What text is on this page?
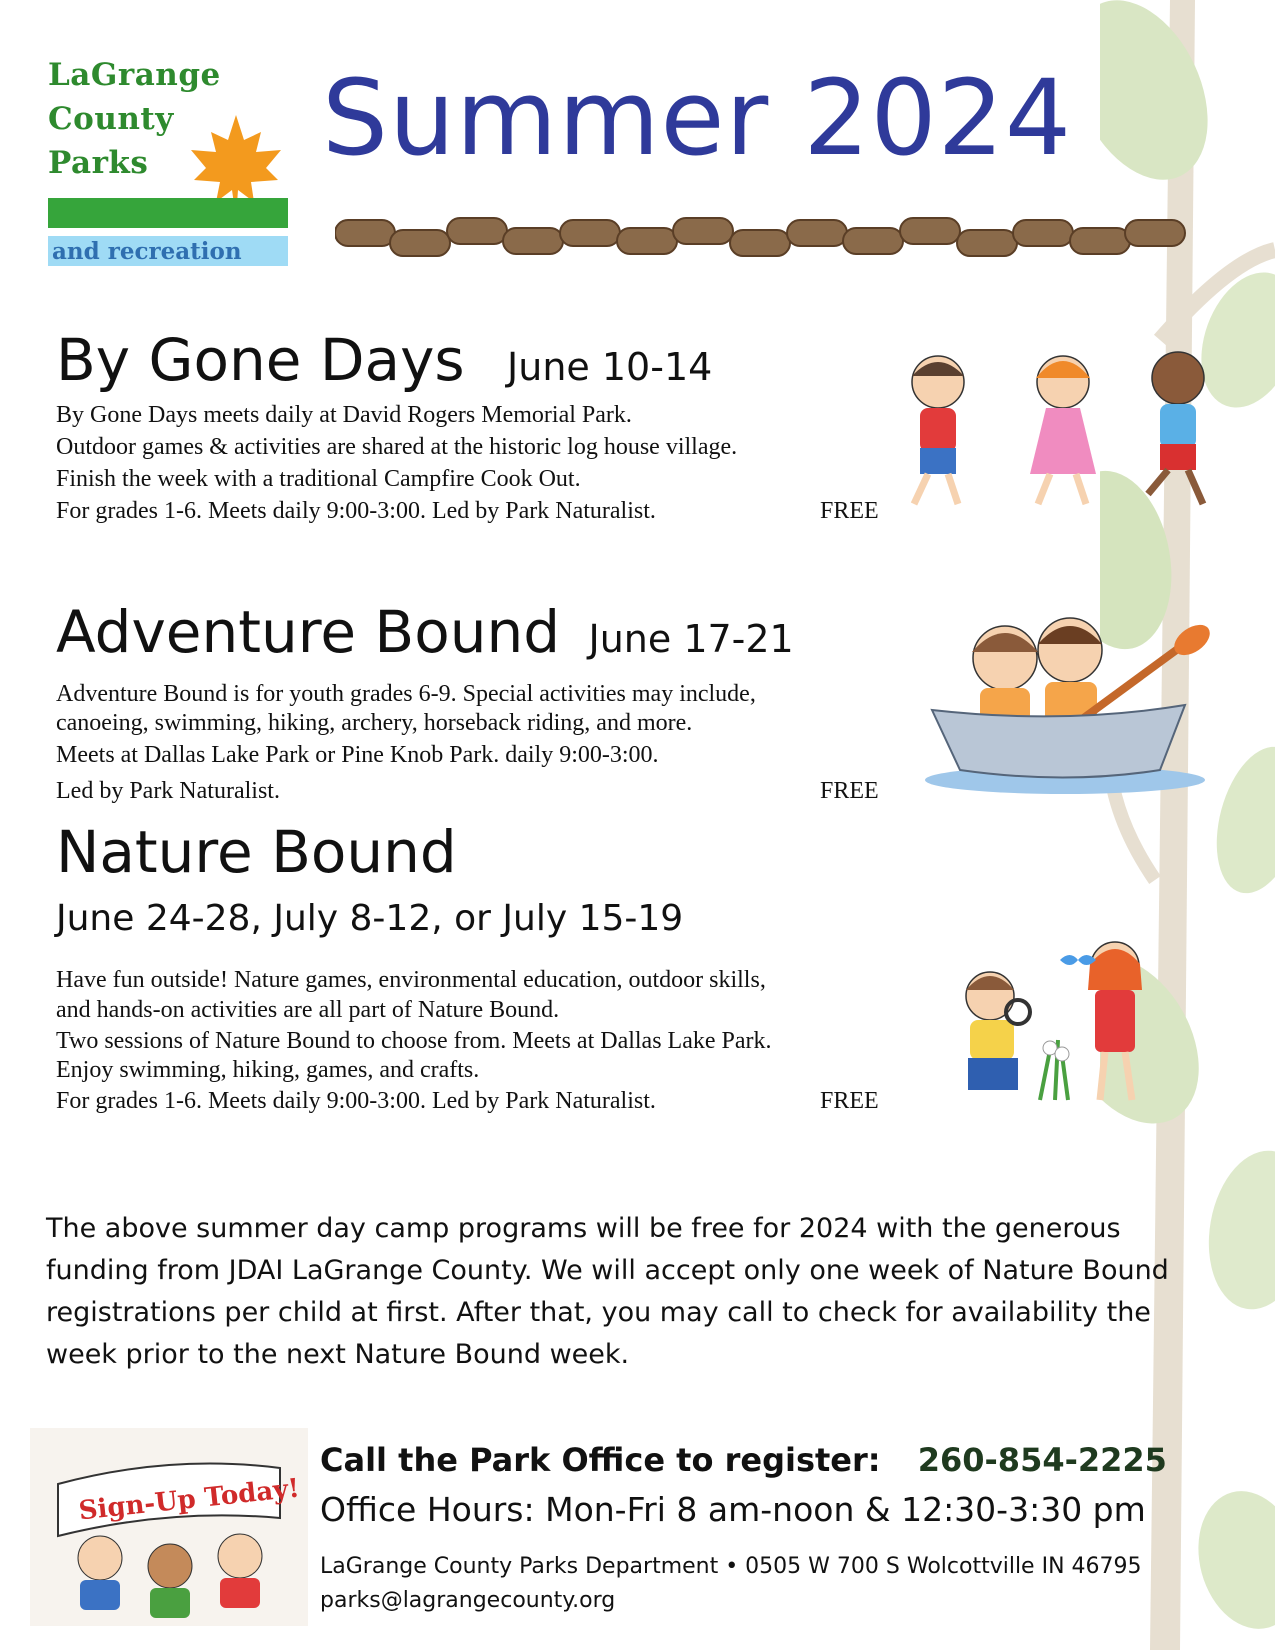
LaGrange
County
Parks
and recreation
Summer 2024
By Gone Days June 10-14
By Gone Days meets daily at David Rogers Memorial Park.
Outdoor games & activities are shared at the historic log house village.
Finish the week with a traditional Campfire Cook Out.
For grades 1-6. Meets daily 9:00-3:00. Led by Park Naturalist.	FREE
Adventure Bound June 17-21
Adventure Bound is for youth grades 6-9. Special activities may include,
canoeing, swimming, hiking, archery, horseback riding, and more.
Meets at Dallas Lake Park or Pine Knob Park. daily 9:00-3:00.
Led by Park Naturalist.	FREE
Nature Bound
June 24-28, July 8-12, or July 15-19
Have fun outside! Nature games, environmental education, outdoor skills,
and hands-on activities are all part of Nature Bound.
Two sessions of Nature Bound to choose from. Meets at Dallas Lake Park.
Enjoy swimming, hiking, games, and crafts.
For grades 1-6. Meets daily 9:00-3:00. Led by Park Naturalist.	FREE
The above summer day camp programs will be free for 2024 with the generous funding from JDAI LaGrange County. We will accept only one week of Nature Bound registrations per child at first. After that, you may call to check for availability the week prior to the next Nature Bound week.
Sign-Up Today!
Call the Park Office to register: 260-854-2225
Office Hours: Mon-Fri 8 am-noon & 12:30-3:30 pm
LaGrange County Parks Department • 0505 W 700 S Wolcottville IN 46795
parks@lagrangecounty.org
